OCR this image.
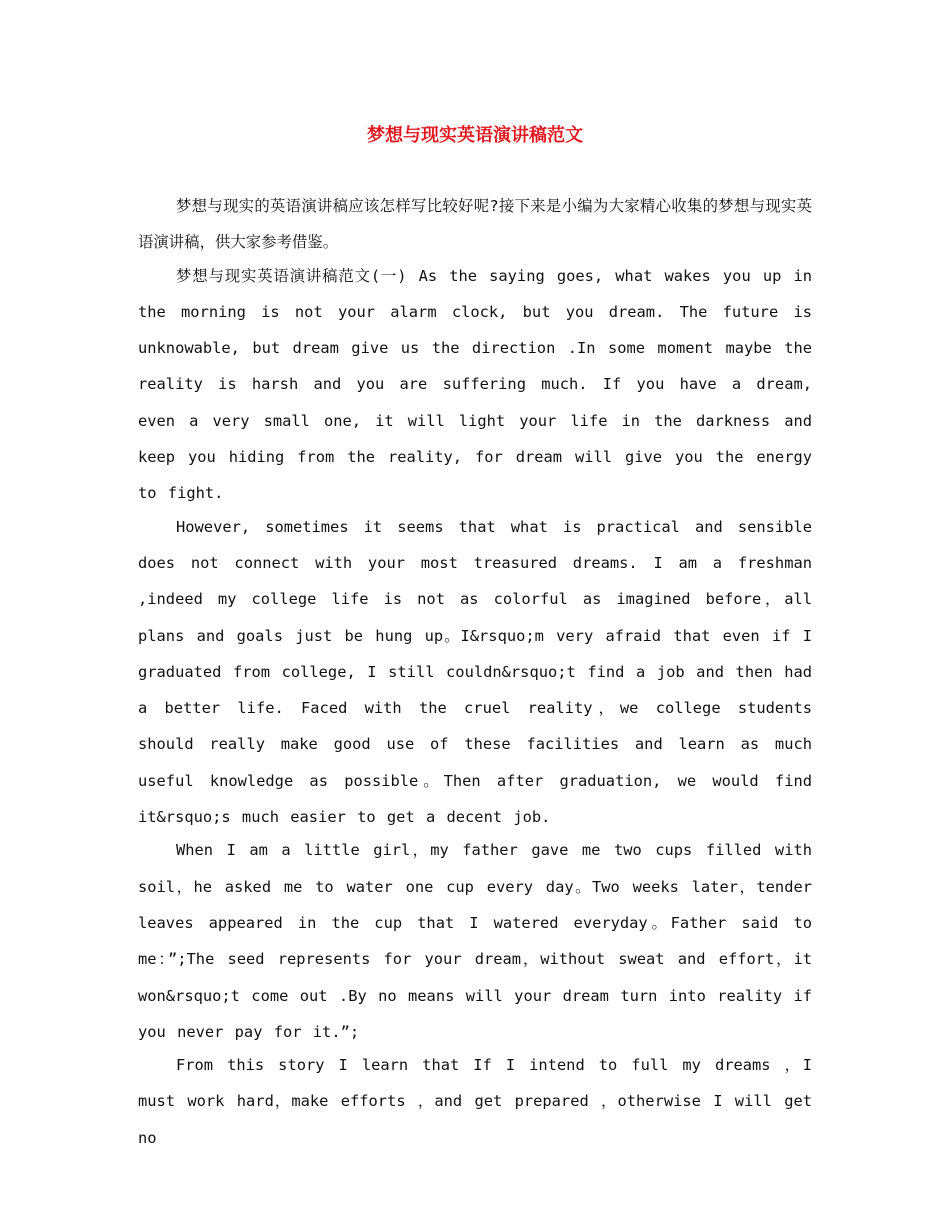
梦想与现实英语演讲稿范文

梦想与现实的英语演讲稿应该怎样写比较好呢?接下来是小编为大家精心收集的梦想与现实英语演讲稿，供大家参考借鉴。

梦想与现实英语演讲稿范文(一) As the saying goes, what wakes you up in the morning is not your alarm clock, but you dream. The future is unknowable, but dream give us the direction .In some moment maybe the reality is harsh and you are suffering much. If you have a dream, even a very small one, it will light your life in the darkness and keep you hiding from the reality, for dream will give you the energy to fight.

However, sometimes it seems that what is practical and sensible does not connect with your most treasured dreams. I am a freshman ,indeed my college life is not as colorful as imagined before，all plans and goals just be hung up。I&rsquo;m very afraid that even if I graduated from college, I still couldn&rsquo;t find a job and then had a better life. Faced with the cruel reality，we college students should really make good use of these facilities and learn as much useful knowledge as possible。Then after graduation, we would find it&rsquo;s much easier to get a decent job.

When I am a little girl，my father gave me two cups filled with soil，he asked me to water one cup every day。Two weeks later，tender leaves appeared in the cup that I watered everyday。Father said to me：”;The seed represents for your dream，without sweat and effort，it won&rsquo;t come out .By no means will your dream turn into reality if you never pay for it.”;

From this story I learn that If I intend to full my dreams ，I must work hard，make efforts ，and get prepared ，otherwise I will get no
